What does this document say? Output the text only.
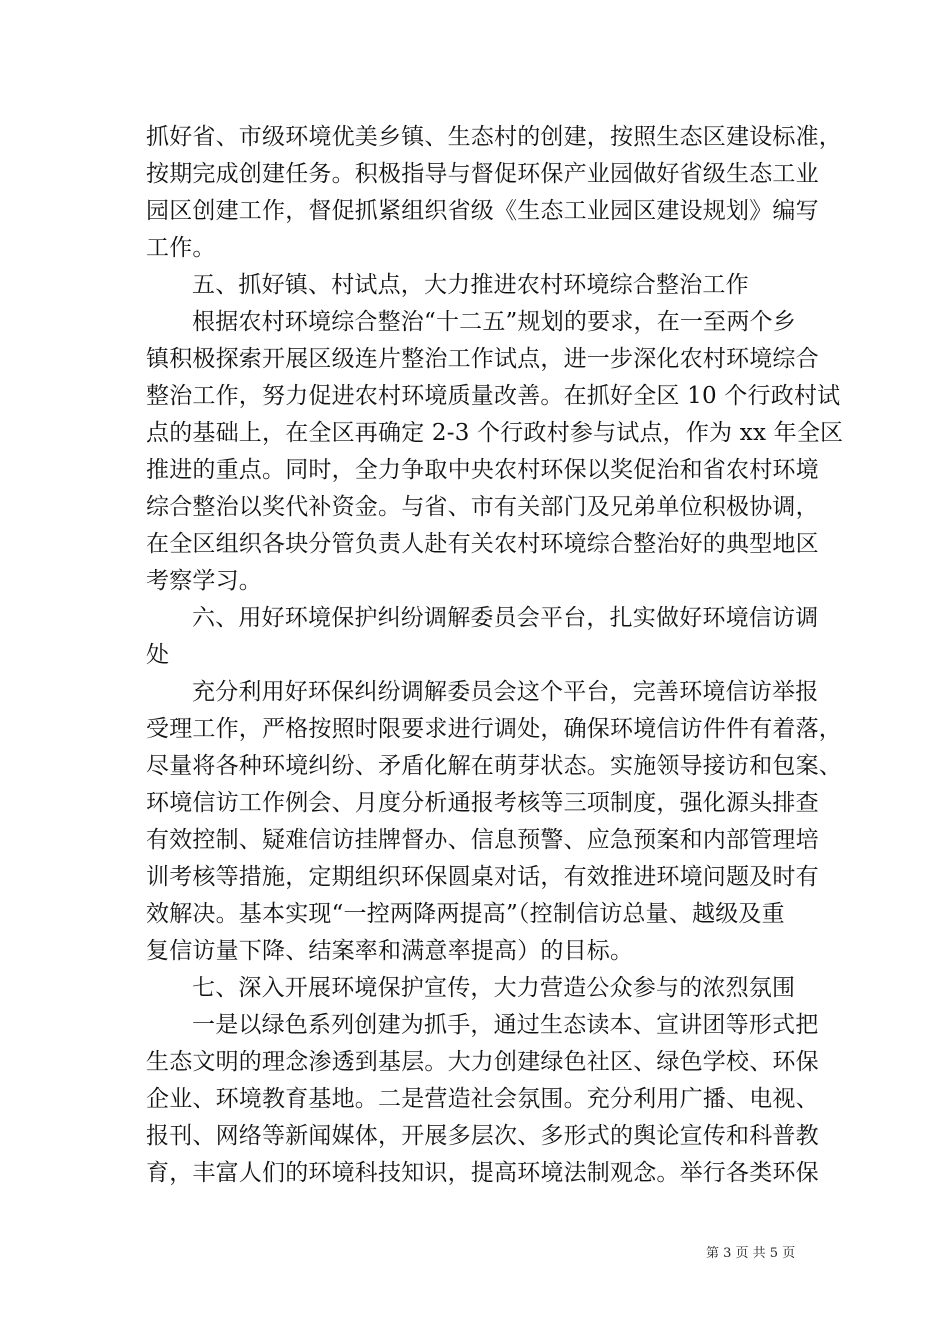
抓好省、市级环境优美乡镇、生态村的创建，按照生态区建设标准，
按期完成创建任务。积极指导与督促环保产业园做好省级生态工业
园区创建工作，督促抓紧组织省级《生态工业园区建设规划》编写
工作。
五、抓好镇、村试点，大力推进农村环境综合整治工作
根据农村环境综合整治“十二五”规划的要求，在一至两个乡
镇积极探索开展区级连片整治工作试点，进一步深化农村环境综合
整治工作，努力促进农村环境质量改善。在抓好全区 10 个行政村试
点的基础上，在全区再确定 2-3 个行政村参与试点，作为 xx 年全区
推进的重点。同时，全力争取中央农村环保以奖促治和省农村环境
综合整治以奖代补资金。与省、市有关部门及兄弟单位积极协调，
在全区组织各块分管负责人赴有关农村环境综合整治好的典型地区
考察学习。
六、用好环境保护纠纷调解委员会平台，扎实做好环境信访调
处
充分利用好环保纠纷调解委员会这个平台，完善环境信访举报
受理工作，严格按照时限要求进行调处，确保环境信访件件有着落，
尽量将各种环境纠纷、矛盾化解在萌芽状态。实施领导接访和包案、
环境信访工作例会、月度分析通报考核等三项制度，强化源头排查
有效控制、疑难信访挂牌督办、信息预警、应急预案和内部管理培
训考核等措施，定期组织环保圆桌对话，有效推进环境问题及时有
效解决。基本实现“一控两降两提高”（控制信访总量、越级及重
复信访量下降、结案率和满意率提高）的目标。
七、深入开展环境保护宣传，大力营造公众参与的浓烈氛围
一是以绿色系列创建为抓手，通过生态读本、宣讲团等形式把
生态文明的理念渗透到基层。大力创建绿色社区、绿色学校、环保
企业、环境教育基地。二是营造社会氛围。充分利用广播、电视、
报刊、网络等新闻媒体，开展多层次、多形式的舆论宣传和科普教
育，丰富人们的环境科技知识，提高环境法制观念。举行各类环保
第 3 页 共 5 页
